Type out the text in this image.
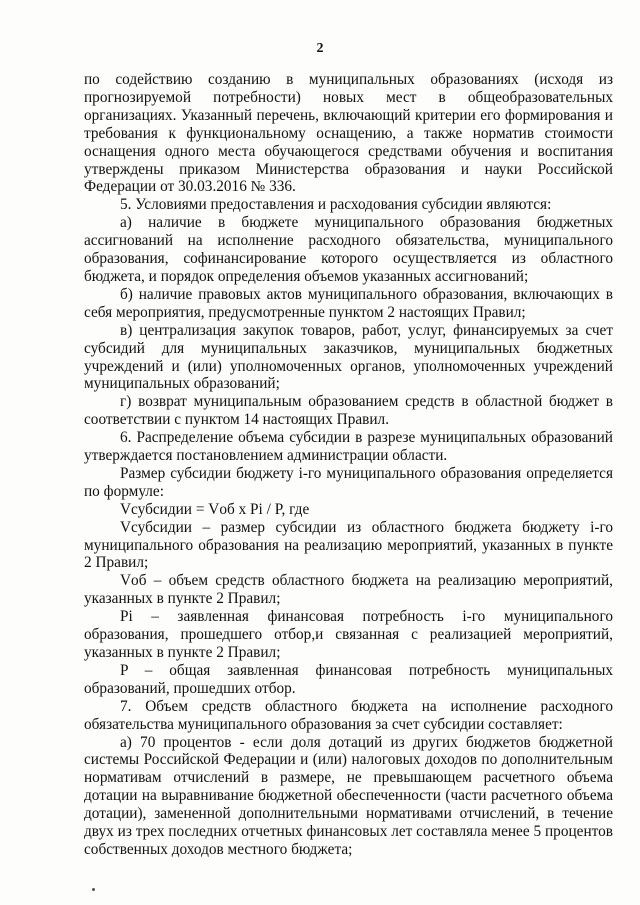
2

по содействию созданию в муниципальных образованиях (исходя из прогнозируемой потребности) новых мест в общеобразовательных организациях. Указанный перечень, включающий критерии его формирования и требования к функциональному оснащению, а также норматив стоимости оснащения одного места обучающегося средствами обучения и воспитания утверждены приказом Министерства образования и науки Российской Федерации от 30.03.2016 № 336.

5. Условиями предоставления и расходования субсидии являются:

а) наличие в бюджете муниципального образования бюджетных ассигнований на исполнение расходного обязательства, муниципального образования, софинансирование которого осуществляется из областного бюджета, и порядок определения объемов указанных ассигнований;

б) наличие правовых актов муниципального образования, включающих в себя мероприятия, предусмотренные пунктом 2 настоящих Правил;

в) централизация закупок товаров, работ, услуг, финансируемых за счет субсидий для муниципальных заказчиков, муниципальных бюджетных учреждений и (или) уполномоченных органов, уполномоченных учреждений муниципальных образований;

г) возврат муниципальным образованием средств в областной бюджет в соответствии с пунктом 14 настоящих Правил.

6. Распределение объема субсидии в разрезе муниципальных образований утверждается постановлением администрации области.

Размер субсидии бюджету i-го муниципального образования определяется по формуле:

Vсубсидии = Vоб x Pi / P, где

Vсубсидии – размер субсидии из областного бюджета бюджету i-го муниципального образования на реализацию мероприятий, указанных в пункте 2 Правил;

Vоб – объем средств областного бюджета на реализацию мероприятий, указанных в пункте 2 Правил;

Pi – заявленная финансовая потребность i-го муниципального образования, прошедшего отбор,и связанная с реализацией мероприятий, указанных в пункте 2 Правил;

P – общая заявленная финансовая потребность муниципальных образований, прошедших отбор.

7. Объем средств областного бюджета на исполнение расходного обязательства муниципального образования за счет субсидии составляет:

а) 70 процентов - если доля дотаций из других бюджетов бюджетной системы Российской Федерации и (или) налоговых доходов по дополнительным нормативам отчислений в размере, не превышающем расчетного объема дотации на выравнивание бюджетной обеспеченности (части расчетного объема дотации), замененной дополнительными нормативами отчислений, в течение двух из трех последних отчетных финансовых лет составляла менее 5 процентов собственных доходов местного бюджета;
